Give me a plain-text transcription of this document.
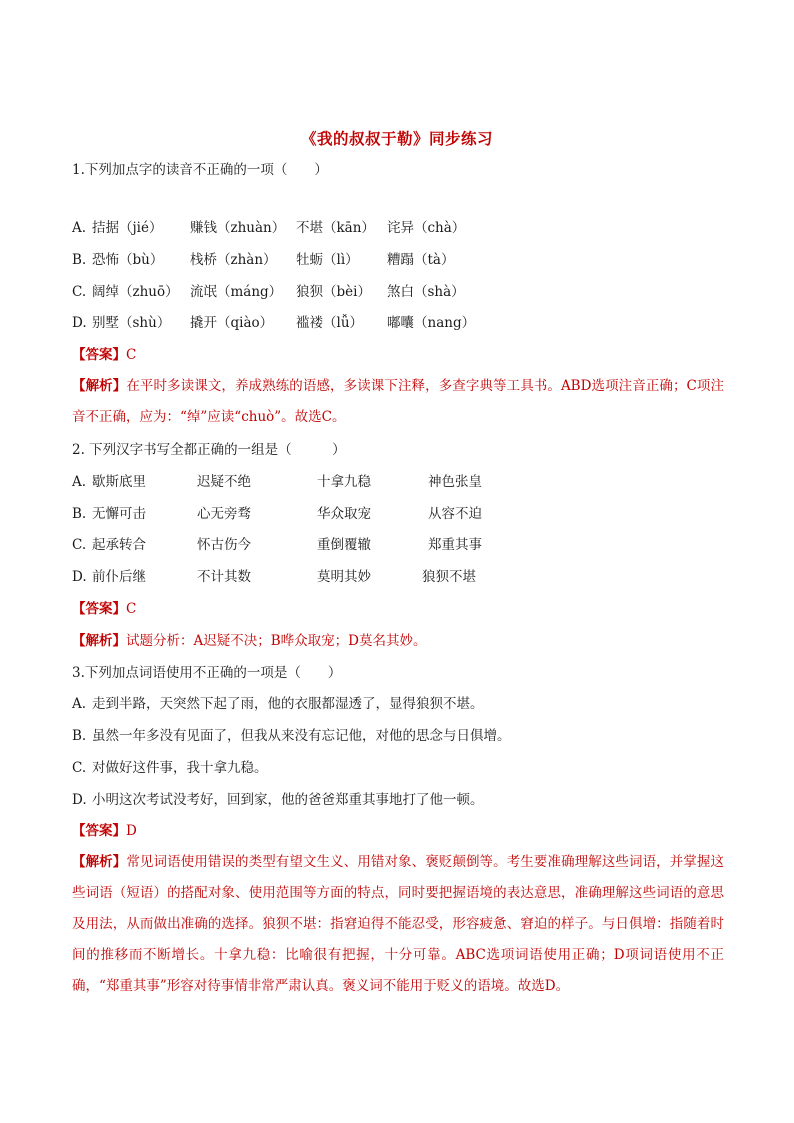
《我的叔叔于勒》同步练习
1.下列加点字的读音不正确的一项（　　）
A. 拮据（jié） 赚钱（zhuàn） 不堪（kān） 诧异（chà）
B. 恐怖（bù） 栈桥（zhàn） 牡蛎（lì） 糟蹋（tà）
C. 阔绰（zhuō） 流氓（máng） 狼狈（bèi） 煞白（shà）
D. 别墅（shù） 撬开（qiào） 褴褛（lǚ） 嘟囔（nang）
【答案】C
【解析】在平时多读课文，养成熟练的语感，多读课下注释，多查字典等工具书。ABD选项注音正确；C项注音不正确，应为：“绰”应读“chuò”。故选C。
2. 下列汉字书写全都正确的一组是（　　　）
A. 歇斯底里	迟疑不绝	十拿九稳	神色张皇
B. 无懈可击	心无旁骛	华众取宠	从容不迫
C. 起承转合	怀古伤今	重倒覆辙	郑重其事
D. 前仆后继	不计其数	莫明其妙	狼狈不堪
【答案】C
【解析】试题分析：A迟疑不决；B哗众取宠；D莫名其妙。
3.下列加点词语使用不正确的一项是（　　）
A. 走到半路，天突然下起了雨，他的衣服都湿透了，显得狼狈不堪。
B. 虽然一年多没有见面了，但我从来没有忘记他，对他的思念与日俱增。
C. 对做好这件事，我十拿九稳。
D. 小明这次考试没考好，回到家，他的爸爸郑重其事地打了他一顿。
【答案】D
【解析】常见词语使用错误的类型有望文生义、用错对象、褒贬颠倒等。考生要准确理解这些词语，并掌握这些词语（短语）的搭配对象、使用范围等方面的特点，同时要把握语境的表达意思，准确理解这些词语的意思及用法，从而做出准确的选择。狼狈不堪：指窘迫得不能忍受，形容疲惫、窘迫的样子。与日俱增：指随着时间的推移而不断增长。十拿九稳：比喻很有把握，十分可靠。ABC选项词语使用正确；D项词语使用不正确，“郑重其事”形容对待事情非常严肃认真。褒义词不能用于贬义的语境。故选D。
